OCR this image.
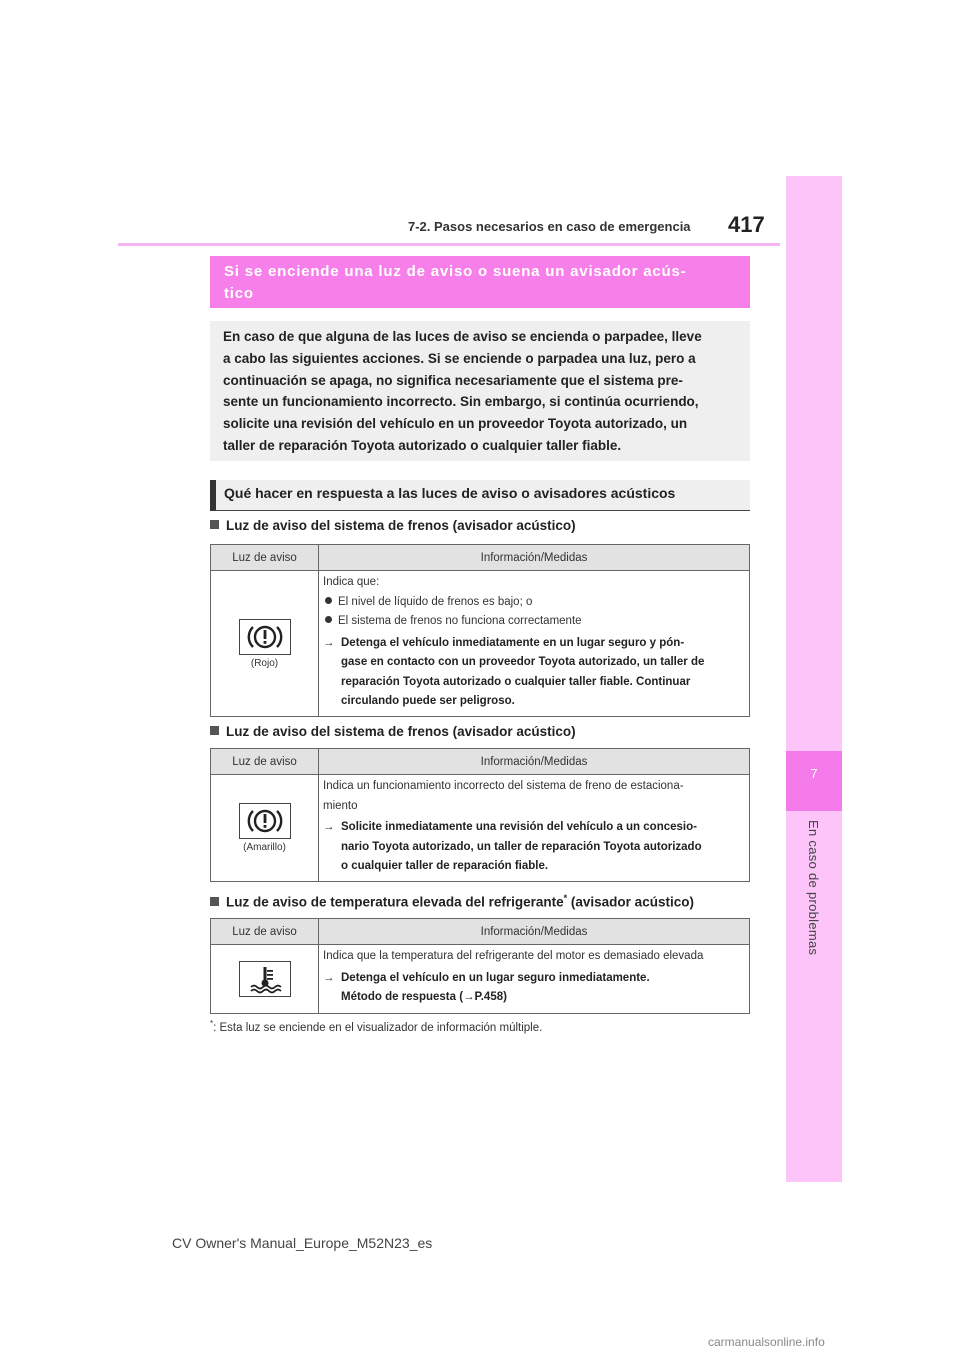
417
7-2. Pasos necesarios en caso de emergencia
7
En caso de problemas
Si se enciende una luz de aviso o suena un avisador acús-
tico
En caso de que alguna de las luces de aviso se encienda o parpadee, lleve
a cabo las siguientes acciones. Si se enciende o parpadea una luz, pero a
continuación se apaga, no significa necesariamente que el sistema pre-
sente un funcionamiento incorrecto. Sin embargo, si continúa ocurriendo,
solicite una revisión del vehículo en un proveedor Toyota autorizado, un
taller de reparación Toyota autorizado o cualquier taller fiable.
Qué hacer en respuesta a las luces de aviso o avisadores acústicos
Luz de aviso del sistema de frenos (avisador acústico)
Luz de aviso	Información/Medidas
(Rojo)
Indica que:
El nivel de líquido de frenos es bajo; o
El sistema de frenos no funciona correctamente
→ Detenga el vehículo inmediatamente en un lugar seguro y pón-
gase en contacto con un proveedor Toyota autorizado, un taller de
reparación Toyota autorizado o cualquier taller fiable. Continuar
circulando puede ser peligroso.
Luz de aviso del sistema de frenos (avisador acústico)
Luz de aviso	Información/Medidas
(Amarillo)
Indica un funcionamiento incorrecto del sistema de freno de estaciona-
miento
→ Solicite inmediatamente una revisión del vehículo a un concesio-
nario Toyota autorizado, un taller de reparación Toyota autorizado
o cualquier taller de reparación fiable.
Luz de aviso de temperatura elevada del refrigerante* (avisador acústico)
Luz de aviso	Información/Medidas
Indica que la temperatura del refrigerante del motor es demasiado elevada
→ Detenga el vehículo en un lugar seguro inmediatamente.
Método de respuesta (→P.458)
*: Esta luz se enciende en el visualizador de información múltiple.
CV Owner's Manual_Europe_M52N23_es
carmanualsonline.info
